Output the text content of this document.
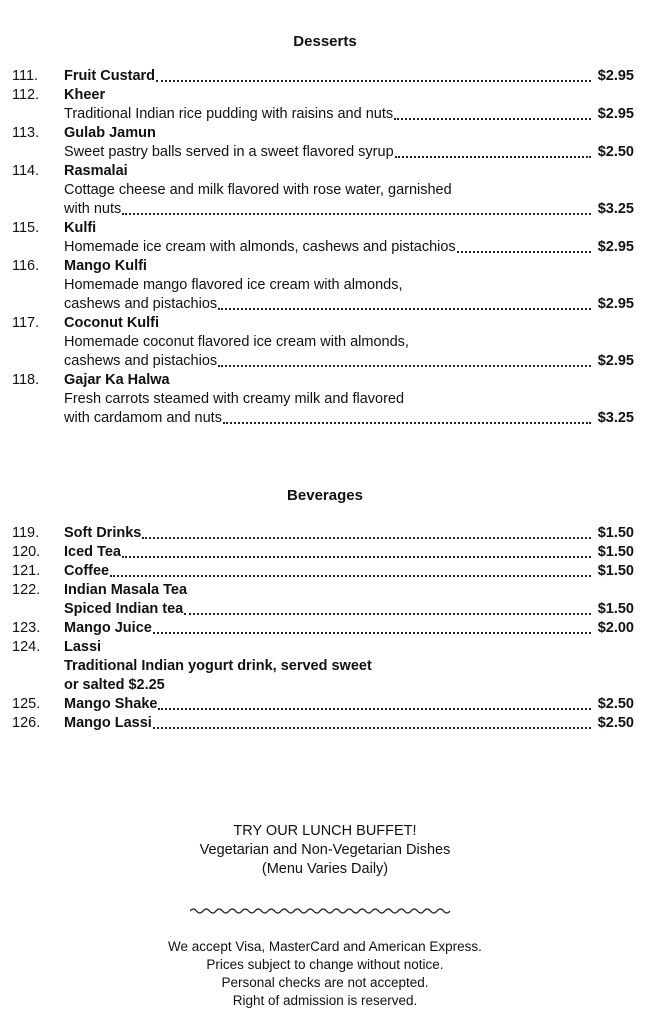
Desserts
111.	Fruit Custard	$2.95
112.	Kheer
Traditional Indian rice pudding with raisins and nuts	$2.95
113.	Gulab Jamun
Sweet pastry balls served in a sweet flavored syrup	$2.50
114.	Rasmalai
Cottage cheese and milk flavored with rose water, garnished
with nuts	$3.25
115.	Kulfi
Homemade ice cream with almonds, cashews and pistachios	$2.95
116.	Mango Kulfi
Homemade mango flavored ice cream with almonds,
cashews and pistachios	$2.95
117.	Coconut Kulfi
Homemade coconut flavored ice cream with almonds,
cashews and pistachios	$2.95
118.	Gajar Ka Halwa
Fresh carrots steamed with creamy milk and flavored
with cardamom and nuts	$3.25
Beverages
119.	Soft Drinks	$1.50
120.	Iced Tea	$1.50
121.	Coffee	$1.50
122.	Indian Masala Tea
Spiced Indian tea	$1.50
123.	Mango Juice	$2.00
124.	Lassi
Traditional Indian yogurt drink, served sweet
or salted $2.25
125.	Mango Shake	$2.50
126.	Mango Lassi	$2.50
TRY OUR LUNCH BUFFET!
Vegetarian and Non-Vegetarian Dishes
(Menu Varies Daily)
We accept Visa, MasterCard and American Express.
Prices subject to change without notice.
Personal checks are not accepted.
Right of admission is reserved.
